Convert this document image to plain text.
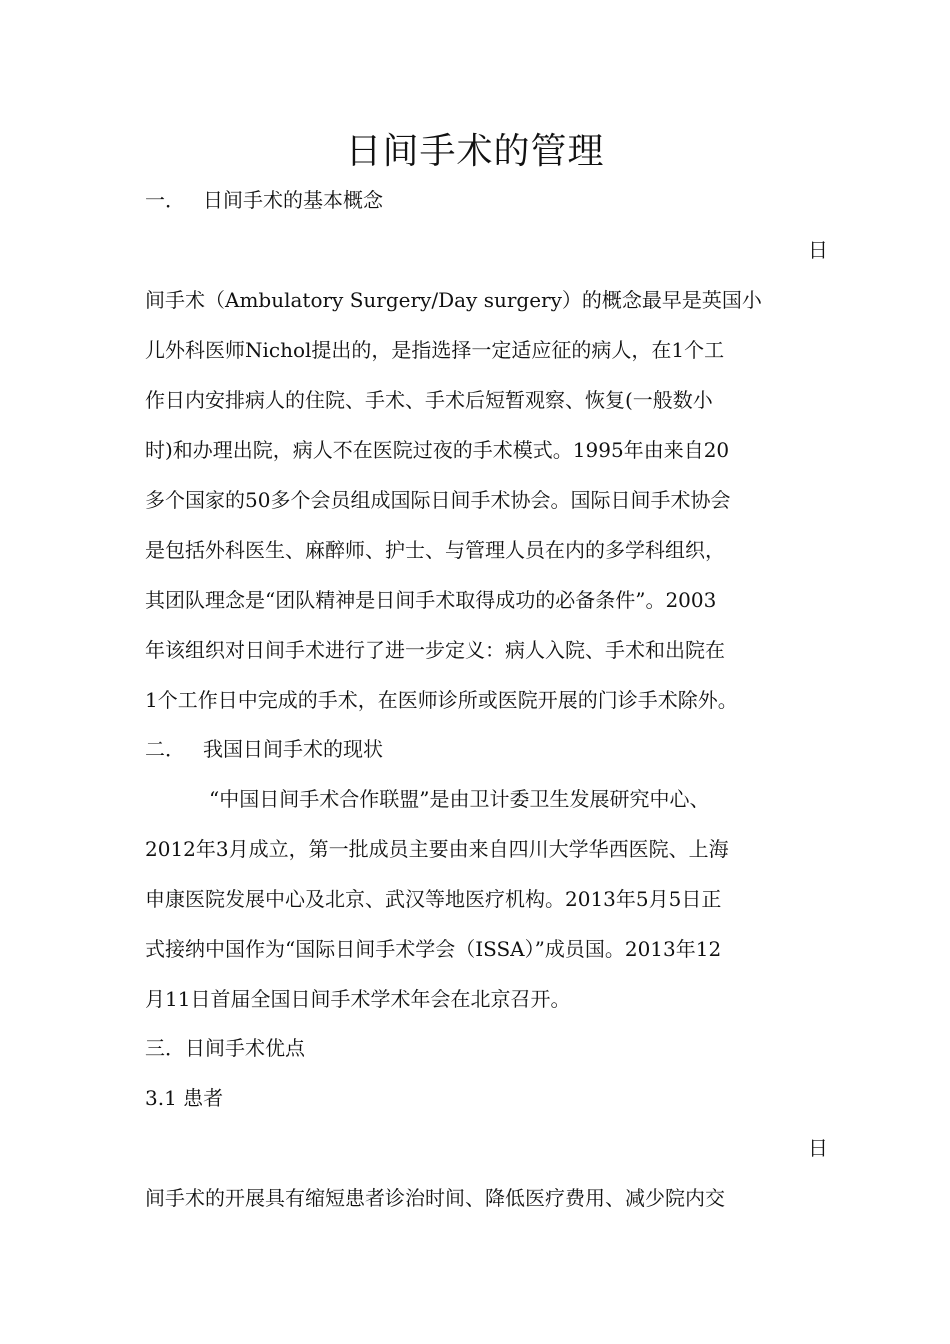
日间手术的管理
一． 日间手术的基本概念
日
间手术（Ambulatory Surgery/Day surgery）的概念最早是英国小
儿外科医师Nichol提出的，是指选择一定适应征的病人，在1个工
作日内安排病人的住院、手术、手术后短暂观察、恢复(一般数小
时)和办理出院，病人不在医院过夜的手术模式。1995年由来自20
多个国家的50多个会员组成国际日间手术协会。国际日间手术协会
是包括外科医生、麻醉师、护士、与管理人员在内的多学科组织，
其团队理念是“团队精神是日间手术取得成功的必备条件”。2003
年该组织对日间手术进行了进一步定义：病人入院、手术和出院在
1个工作日中完成的手术，在医师诊所或医院开展的门诊手术除外。
二． 我国日间手术的现状
“中国日间手术合作联盟”是由卫计委卫生发展研究中心、
2012年3月成立，第一批成员主要由来自四川大学华西医院、上海
申康医院发展中心及北京、武汉等地医疗机构。2013年5月5日正
式接纳中国作为“国际日间手术学会（ISSA）”成员国。2013年12
月11日首届全国日间手术学术年会在北京召开。
三．日间手术优点
3.1 患者
日
间手术的开展具有缩短患者诊治时间、降低医疗费用、减少院内交
